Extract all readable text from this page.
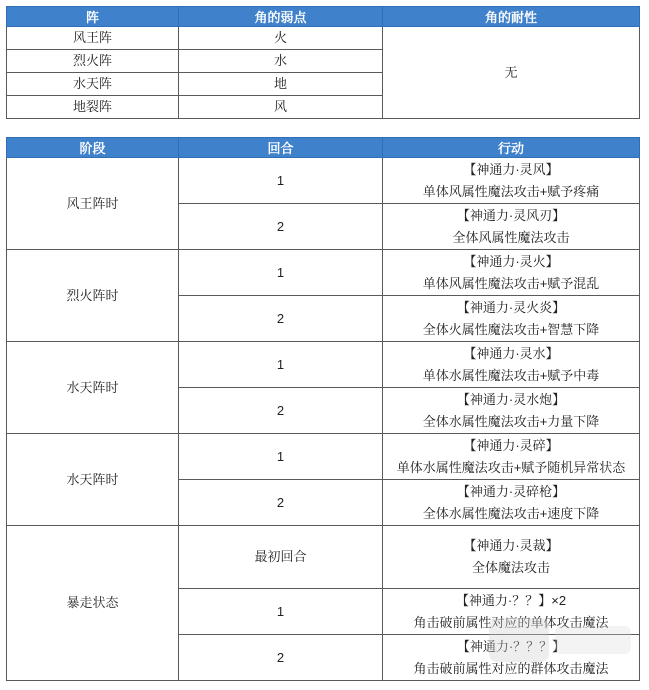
阵	角的弱点	角的耐性
风王阵	火	无
烈火阵	水	
水天阵	地	
地裂阵	风	
阶段	回合	行动
风王阵时	1	【神通力·灵风】
单体风属性魔法攻击+赋予疼痛

	2	【神通力·灵风刃】
全体风属性魔法攻击

烈火阵时	1	【神通力·灵火】
单体风属性魔法攻击+赋予混乱

	2	【神通力·灵火炎】
全体火属性魔法攻击+智慧下降

水天阵时	1	【神通力·灵水】
单体水属性魔法攻击+赋予中毒

	2	【神通力·灵水炮】
全体水属性魔法攻击+力量下降

水天阵时	1	【神通力·灵碎】
单体水属性魔法攻击+赋予随机异常状态

	2	【神通力·灵碎枪】
全体水属性魔法攻击+速度下降

暴走状态	最初回合	【神通力·灵裁】
全体魔法攻击

	1	【神通力·？？】×2
角击破前属性对应的单体攻击魔法

	2	【神通力·？？？】
角击破前属性对应的群体攻击魔法
